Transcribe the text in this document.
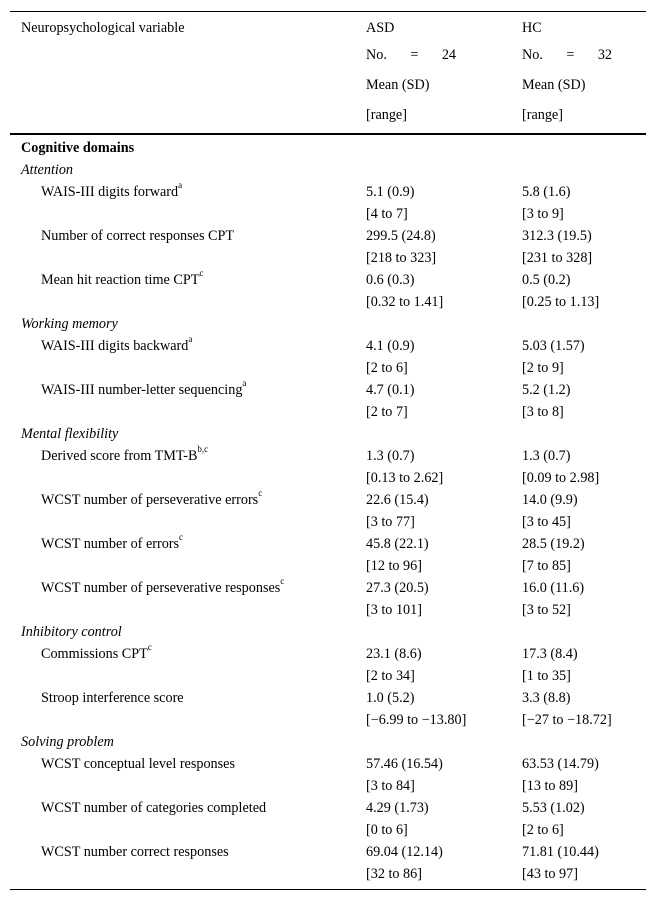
Neuropsychological variable	ASD	HC

	No. = 24	No. = 32

	Mean (SD)	Mean (SD)
	[range]	[range]
Cognitive domains		
Attention		
WAIS-III digits forward$^a$	5.1 (0.9)	5.8 (1.6)
	[4 to 7]	[3 to 9]
Number of correct responses CPT	299.5 (24.8)	312.3 (19.5)
	[218 to 323]	[231 to 328]
Mean hit reaction time CPT$^c$	0.6 (0.3)	0.5 (0.2)
	[0.32 to 1.41]	[0.25 to 1.13]
Working memory		
WAIS-III digits backward$^a$	4.1 (0.9)	5.03 (1.57)
	[2 to 6]	[2 to 9]
WAIS-III number-letter sequencing$^a$	4.7 (0.1)	5.2 (1.2)
	[2 to 7]	[3 to 8]
Mental flexibility		
Derived score from TMT-$B^{b,c}$	1.3 (0.7)	1.3 (0.7)
	[0.13 to 2.62]	[0.09 to 2.98]
WCST number of perseverative errors$^c$	22.6 (15.4)	14.0 (9.9)
	[3 to 77]	[3 to 45]
WCST number of errors$^c$	45.8 (22.1)	28.5 (19.2)
	[12 to 96]	[7 to 85]
WCST number of perseverative responses$^c$	27.3 (20.5)	16.0 (11.6)
	[3 to 101]	[3 to 52]
Inhibitory control		
Commissions CPT$^c$	23.1 (8.6)	17.3 (8.4)
	[2 to 34]	[1 to 35]
Stroop interference score	1.0 (5.2)	3.3 (8.8)
	[−6.99 to −13.80]	[−27 to −18.72]
Solving problem		
WCST conceptual level responses	57.46 (16.54)	63.53 (14.79)
	[3 to 84]	[13 to 89]
WCST number of categories completed	4.29 (1.73)	5.53 (1.02)
	[0 to 6]	[2 to 6]
WCST number correct responses	69.04 (12.14)	71.81 (10.44)
	[32 to 86]	[43 to 97]
